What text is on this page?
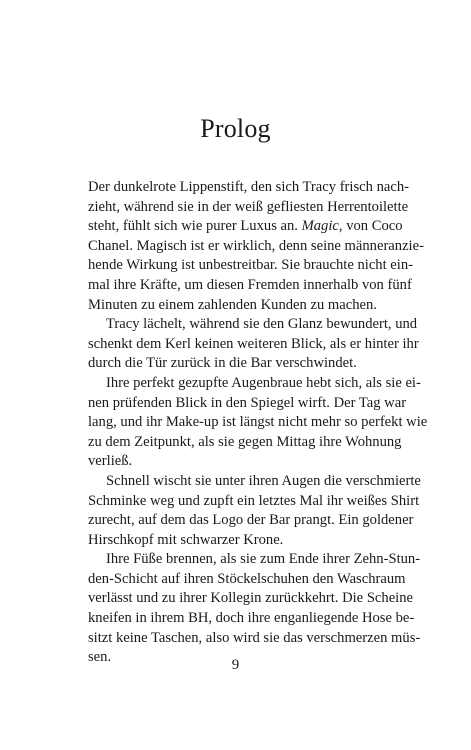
Prolog
Der dunkelrote Lippenstift, den sich Tracy frisch nach-
zieht, während sie in der weiß gefliesten Herrentoilette
steht, fühlt sich wie purer Luxus an. Magic, von Coco
Chanel. Magisch ist er wirklich, denn seine männeranzie-
hende Wirkung ist unbestreitbar. Sie brauchte nicht ein-
mal ihre Kräfte, um diesen Fremden innerhalb von fünf
Minuten zu einem zahlenden Kunden zu machen.
Tracy lächelt, während sie den Glanz bewundert, und
schenkt dem Kerl keinen weiteren Blick, als er hinter ihr
durch die Tür zurück in die Bar verschwindet.
Ihre perfekt gezupfte Augenbraue hebt sich, als sie ei-
nen prüfenden Blick in den Spiegel wirft. Der Tag war
lang, und ihr Make-up ist längst nicht mehr so perfekt wie
zu dem Zeitpunkt, als sie gegen Mittag ihre Wohnung
verließ.
Schnell wischt sie unter ihren Augen die verschmierte
Schminke weg und zupft ein letztes Mal ihr weißes Shirt
zurecht, auf dem das Logo der Bar prangt. Ein goldener
Hirschkopf mit schwarzer Krone.
Ihre Füße brennen, als sie zum Ende ihrer Zehn-Stun-
den-Schicht auf ihren Stöckelschuhen den Waschraum
verlässt und zu ihrer Kollegin zurückkehrt. Die Scheine
kneifen in ihrem BH, doch ihre enganliegende Hose be-
sitzt keine Taschen, also wird sie das verschmerzen müs-
sen.	9
